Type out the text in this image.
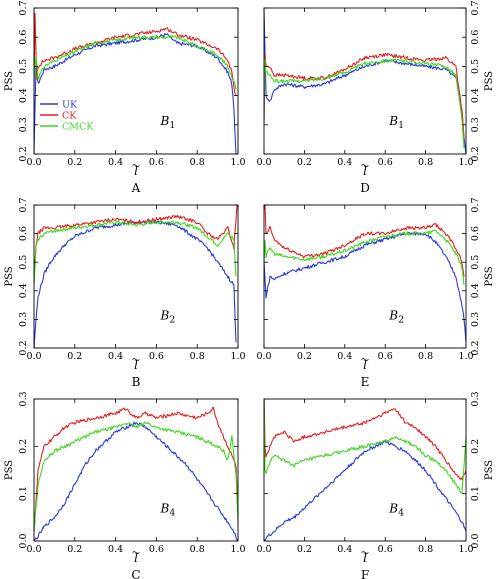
0.0	0.2	0.4	0.6	0.8	1.0
0.2
0.3
0.4
0.5
0.6
0.7
PSS
l
A
B 1
UK
CK
CMCK
0.0	0.2	0.4	0.6	0.8	1.0
0.2
0.3
0.4
0.5
0.6
0.7
PSS
l
D
B 1
0.0	0.2	0.4	0.6	0.8	1.0
0.2
0.3
0.4
0.5
0.6
0.7
PSS
l
B
B 2
0.0	0.2	0.4	0.6	0.8	1.0
0.2
0.3
0.4
0.5
0.6
0.7
PSS
l
E
B 2
0.0	0.2	0.4	0.6	0.8	1.0
0.0
0.1
0.2
0.3
PSS
l
C
B 4
0.0	0.2	0.4	0.6	0.8	1.0
0.0
0.1
0.2
0.3
PSS
l
F
B 4
